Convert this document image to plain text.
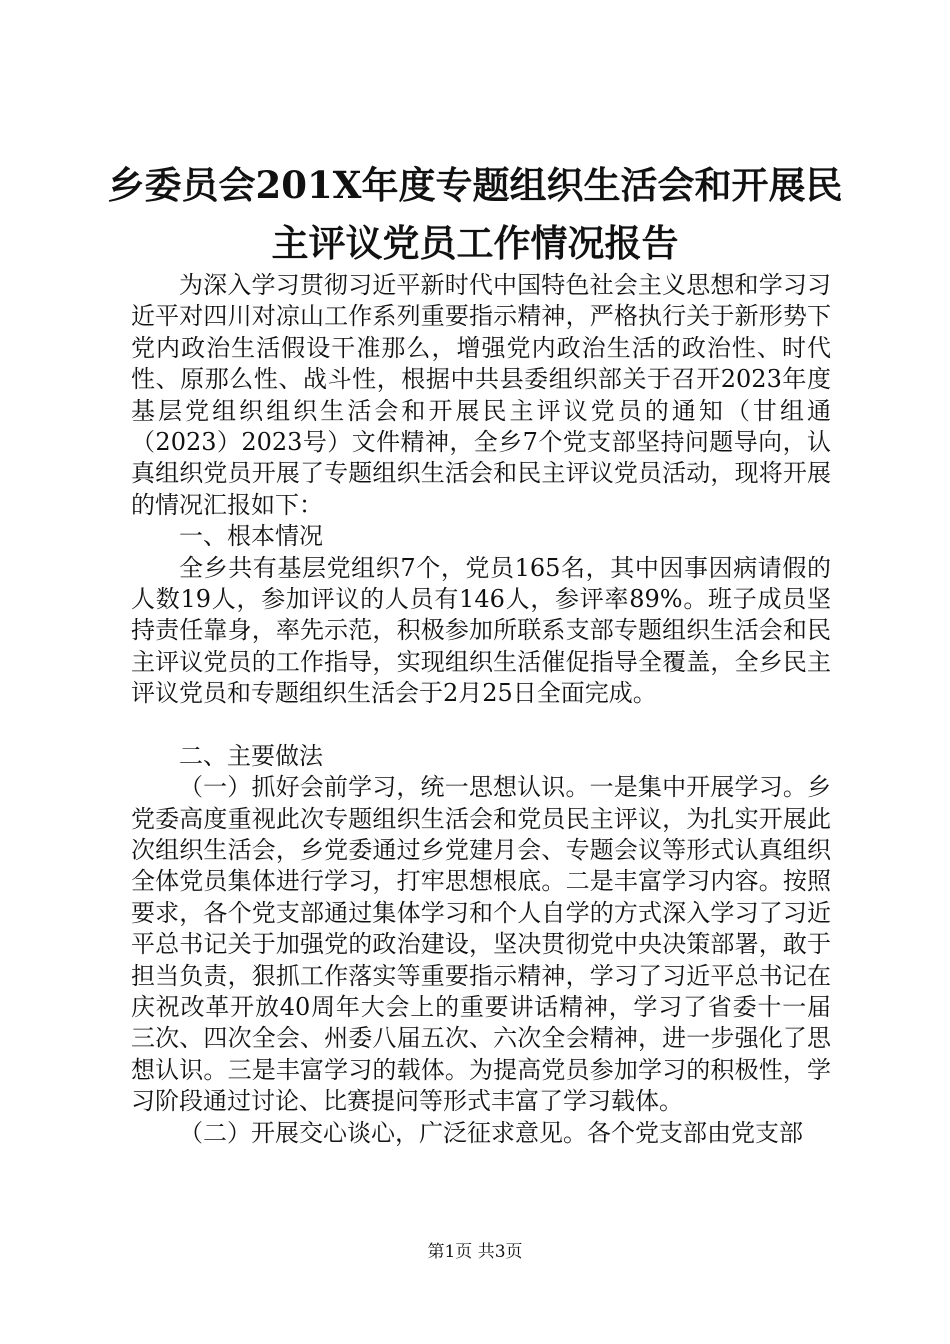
乡委员会201X年度专题组织生活会和开展民
主评议党员工作情况报告

为深入学习贯彻习近平新时代中国特色社会主义思想和学习习近平对四川对凉山工作系列重要指示精神，严格执行关于新形势下党内政治生活假设干准那么，增强党内政治生活的政治性、时代性、原那么性、战斗性，根据中共县委组织部关于召开2023年度基层党组织组织生活会和开展民主评议党员的通知（甘组通（2023）2023号）文件精神，全乡7个党支部坚持问题导向，认真组织党员开展了专题组织生活会和民主评议党员活动，现将开展的情况汇报如下：

一、根本情况

全乡共有基层党组织7个，党员165名，其中因事因病请假的人数19人，参加评议的人员有146人，参评率89%。班子成员坚持责任靠身，率先示范，积极参加所联系支部专题组织生活会和民主评议党员的工作指导，实现组织生活催促指导全覆盖，全乡民主评议党员和专题组织生活会于2月25日全面完成。

二、主要做法

（一）抓好会前学习，统一思想认识。一是集中开展学习。乡党委高度重视此次专题组织生活会和党员民主评议，为扎实开展此次组织生活会，乡党委通过乡党建月会、专题会议等形式认真组织全体党员集体进行学习，打牢思想根底。二是丰富学习内容。按照要求，各个党支部通过集体学习和个人自学的方式深入学习了习近平总书记关于加强党的政治建设，坚决贯彻党中央决策部署，敢于担当负责，狠抓工作落实等重要指示精神，学习了习近平总书记在庆祝改革开放40周年大会上的重要讲话精神，学习了省委十一届三次、四次全会、州委八届五次、六次全会精神，进一步强化了思想认识。三是丰富学习的载体。为提高党员参加学习的积极性，学习阶段通过讨论、比赛提问等形式丰富了学习载体。

（二）开展交心谈心，广泛征求意见。各个党支部由党支部

第1页 共3页
